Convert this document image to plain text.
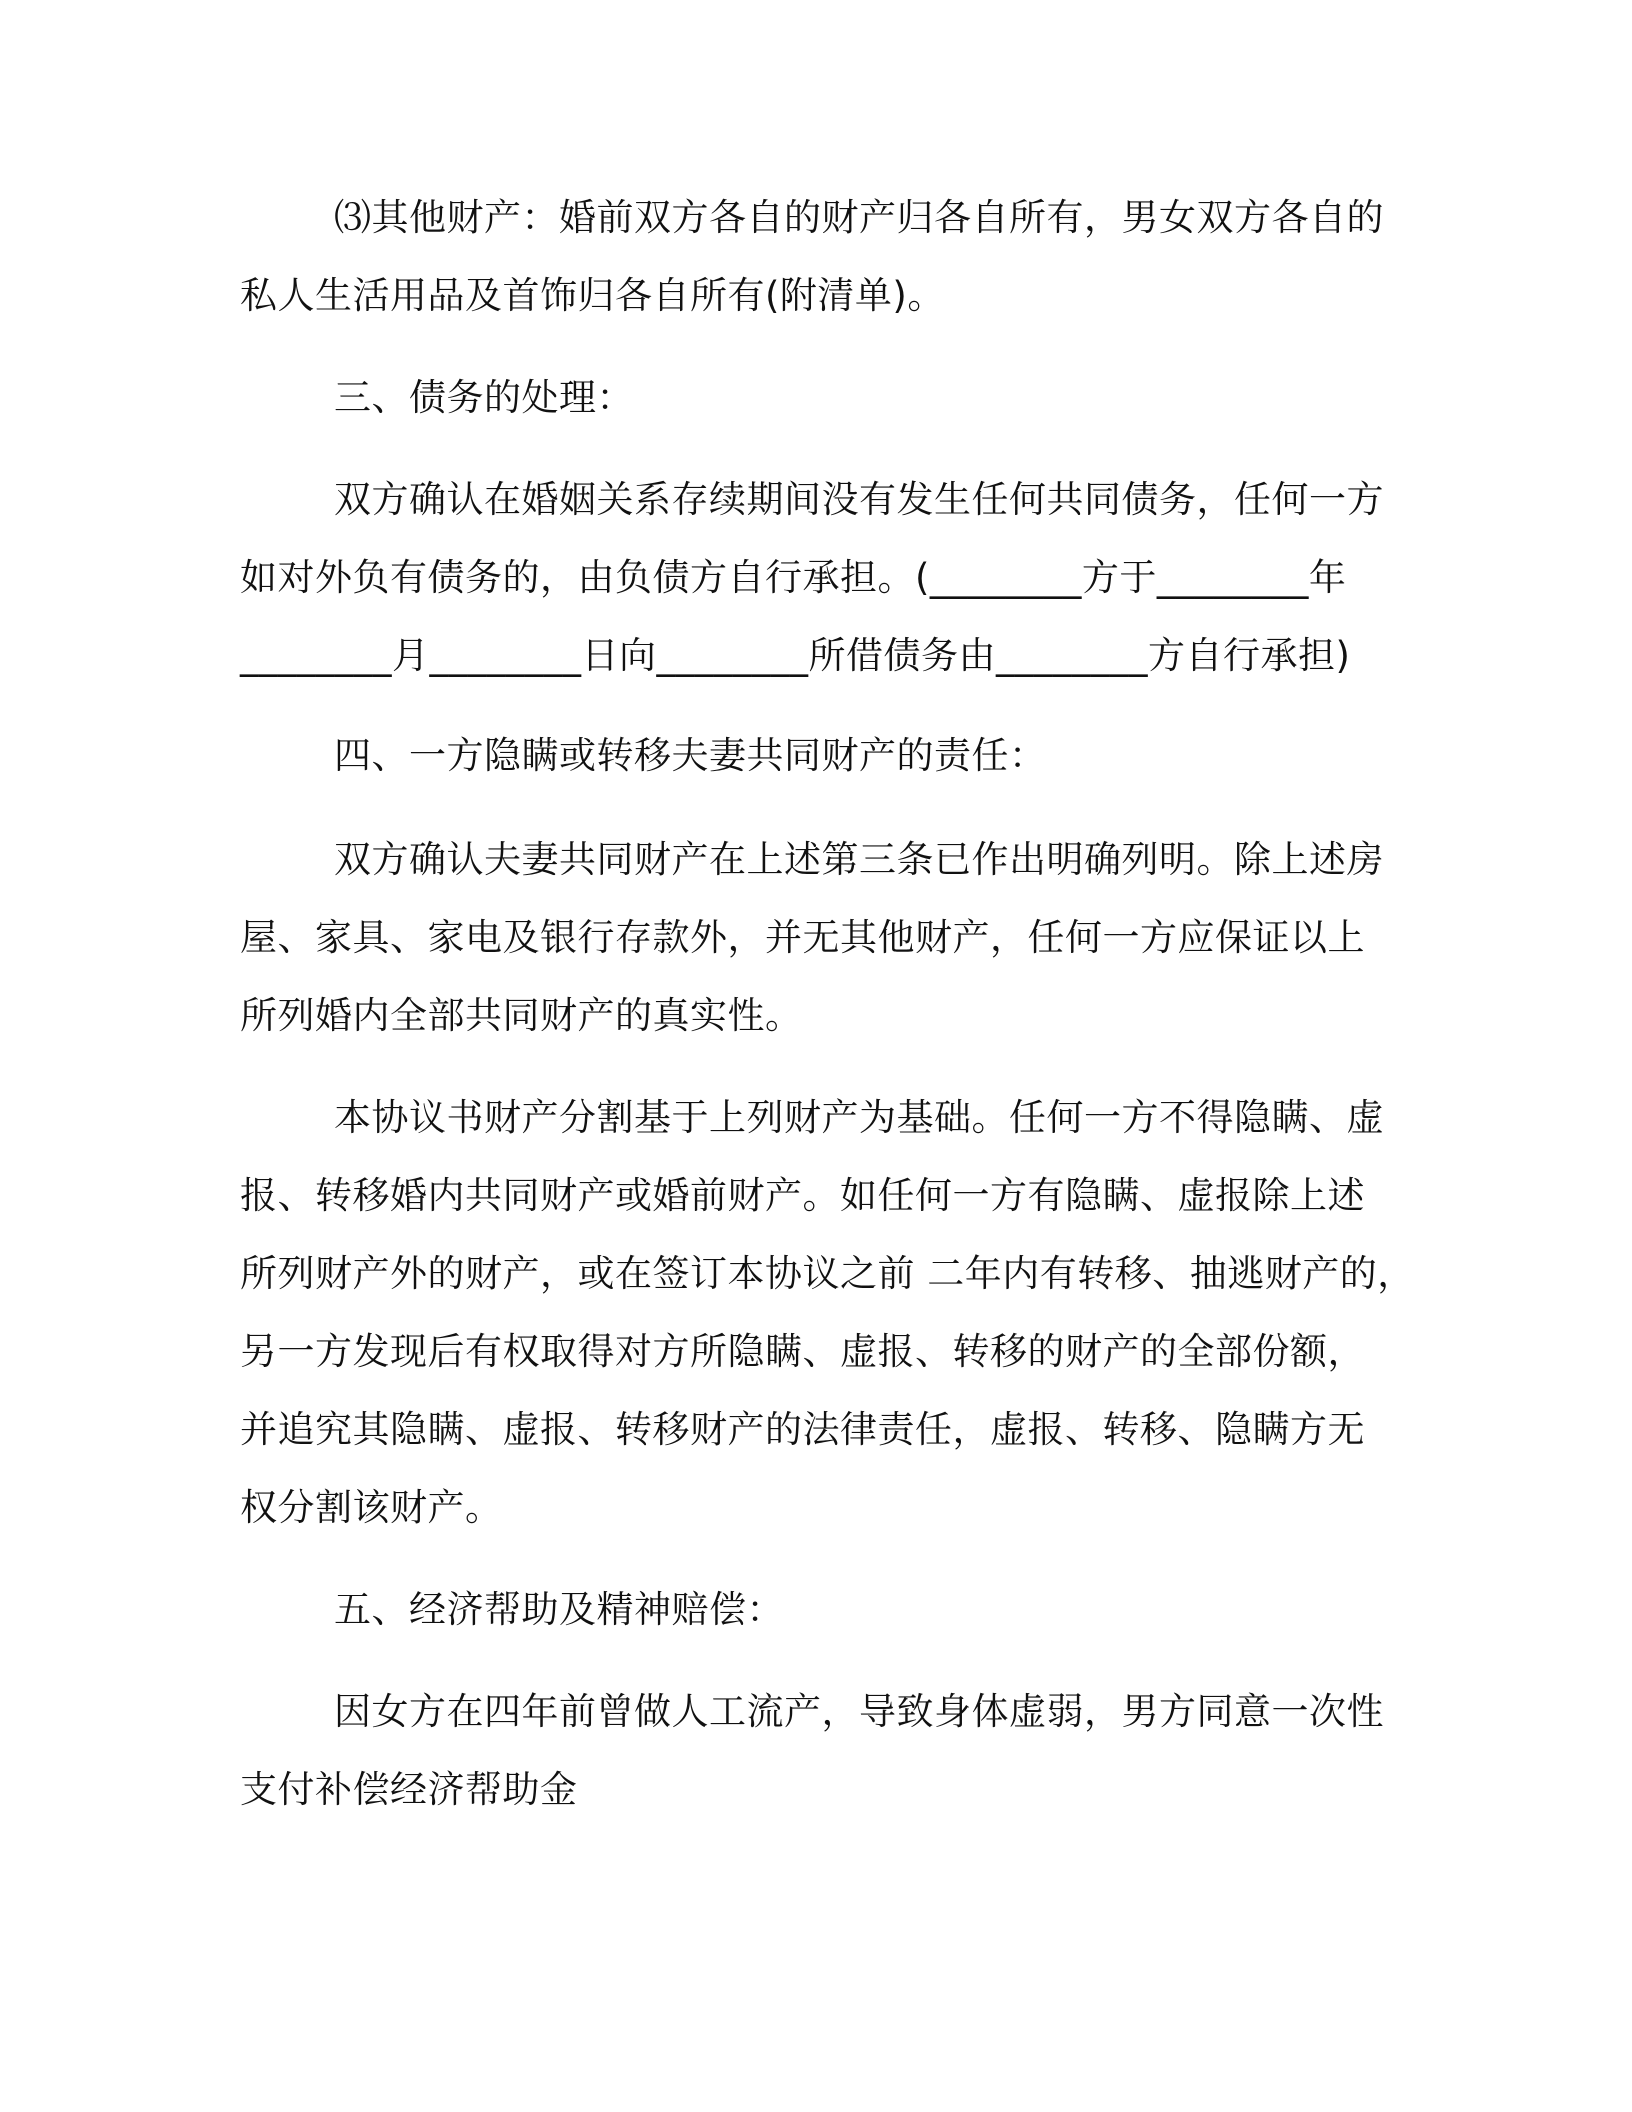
⑶其他财产：婚前双方各自的财产归各自所有，男女双方各自的
私人生活用品及首饰归各自所有(附清单)。
三、债务的处理：
双方确认在婚姻关系存续期间没有发生任何共同债务，任何一方
如对外负有债务的，由负债方自行承担。(________方于________年
________月________日向________所借债务由________方自行承担)
四、一方隐瞒或转移夫妻共同财产的责任：
双方确认夫妻共同财产在上述第三条已作出明确列明。除上述房
屋、家具、家电及银行存款外，并无其他财产，任何一方应保证以上
所列婚内全部共同财产的真实性。
本协议书财产分割基于上列财产为基础。任何一方不得隐瞒、虚
报、转移婚内共同财产或婚前财产。如任何一方有隐瞒、虚报除上述
所列财产外的财产，或在签订本协议之前 二年内有转移、抽逃财产的，
另一方发现后有权取得对方所隐瞒、虚报、转移的财产的全部份额，
并追究其隐瞒、虚报、转移财产的法律责任，虚报、转移、隐瞒方无
权分割该财产。
五、经济帮助及精神赔偿：
因女方在四年前曾做人工流产，导致身体虚弱，男方同意一次性
支付补偿经济帮助金
